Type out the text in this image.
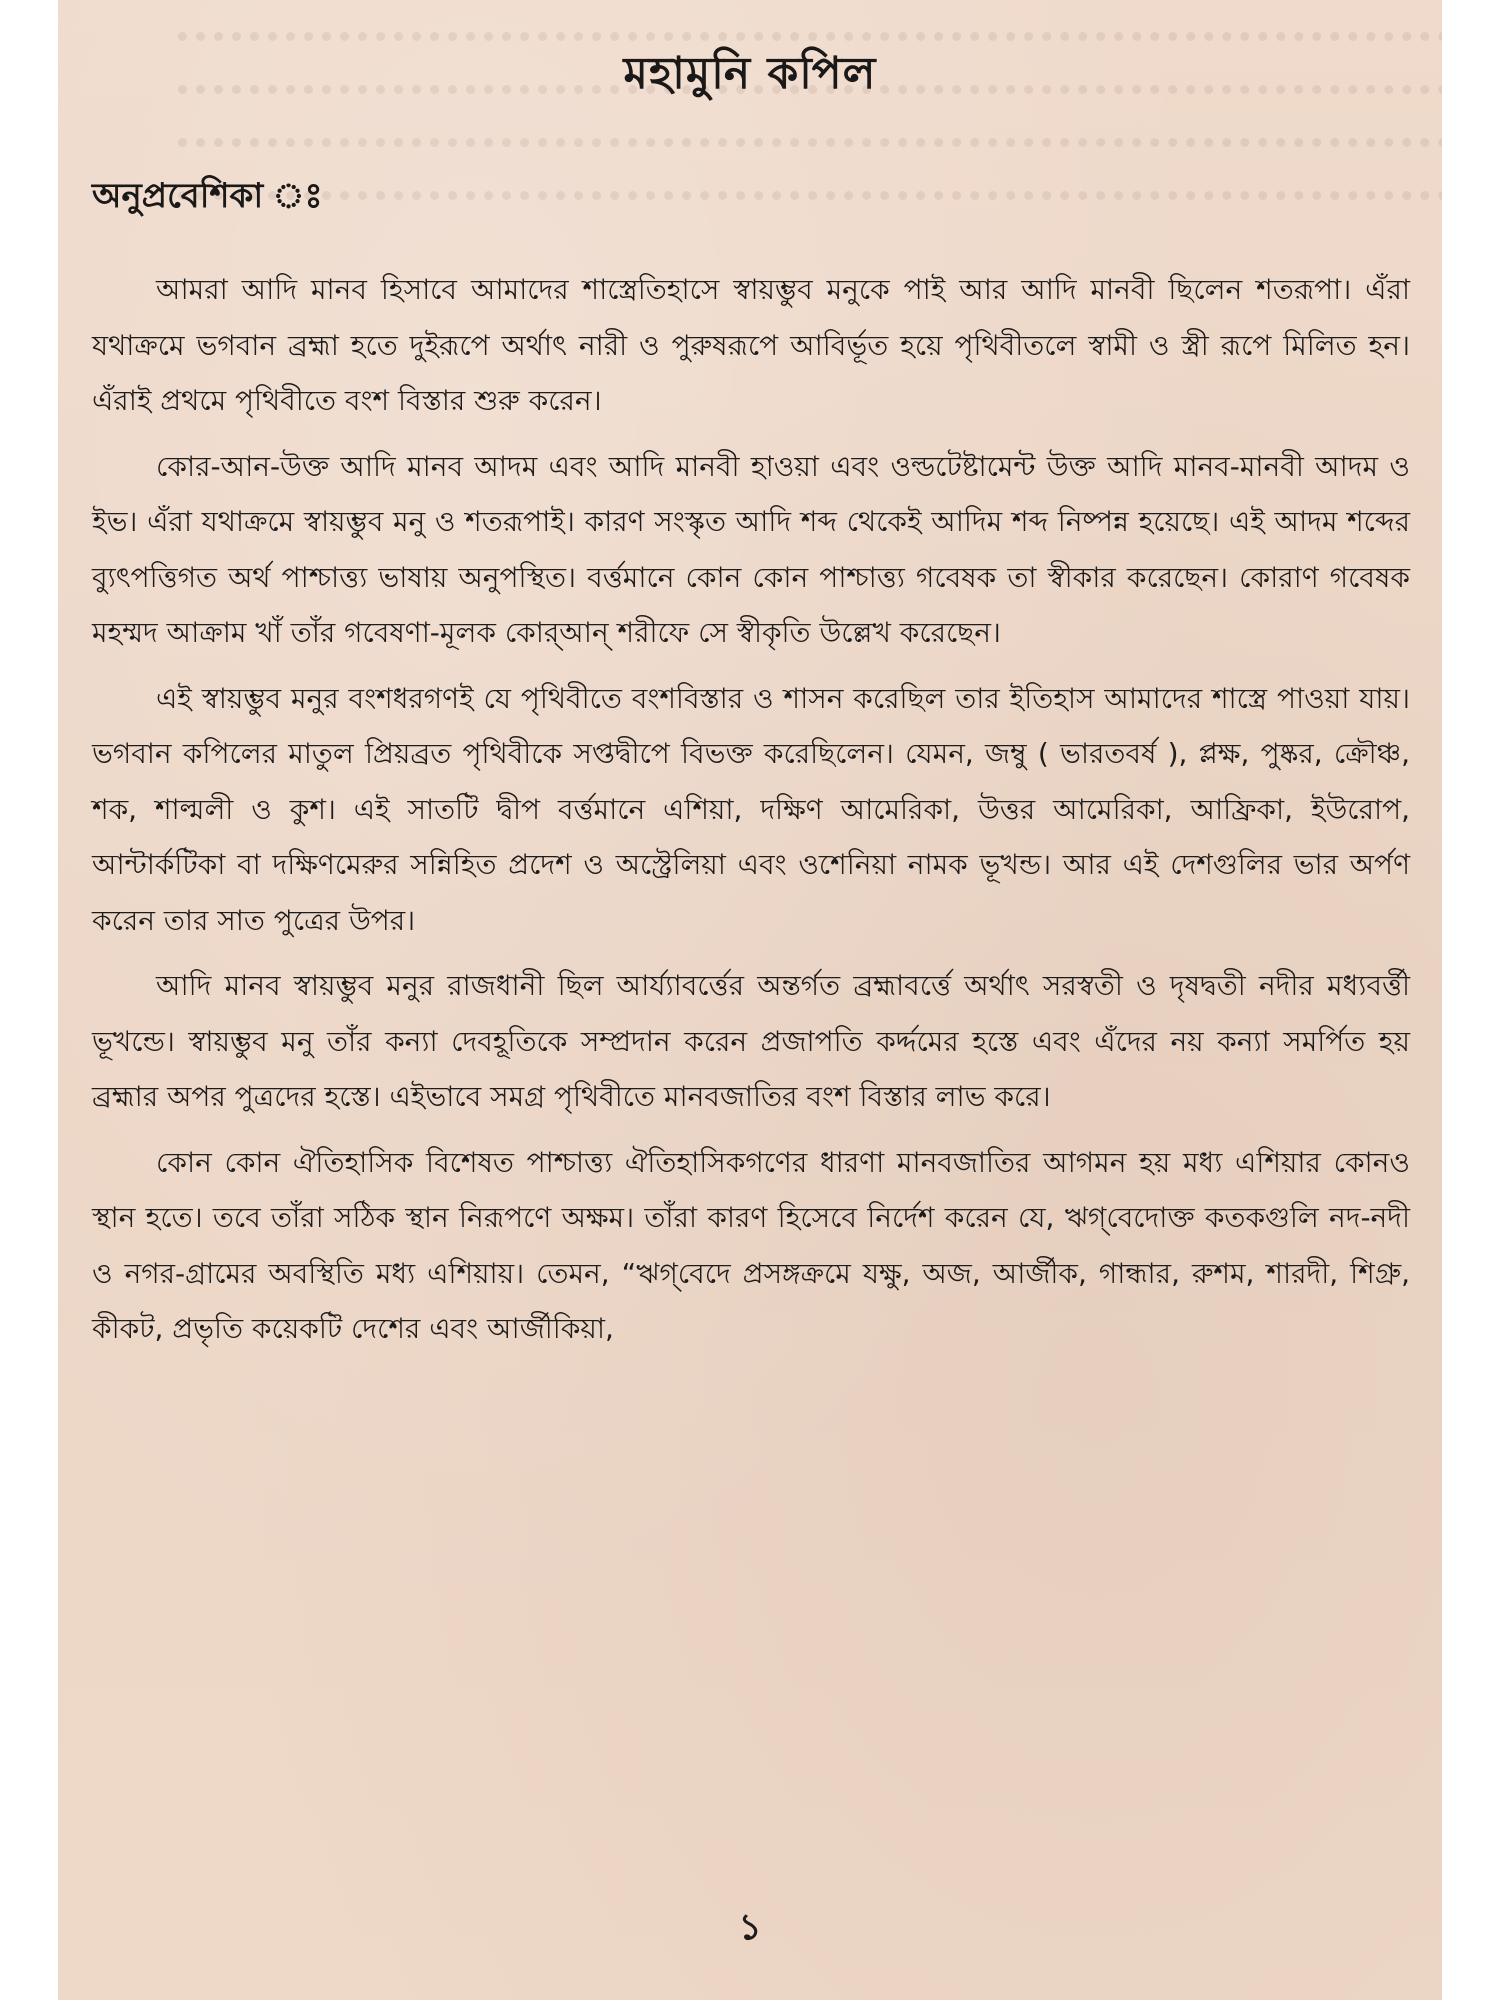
মহামুনি কপিল
অনুপ্রবেশিকা ঃ

আমরা আদি মানব হিসাবে আমাদের শাস্ত্রেতিহাসে স্বায়ম্ভুব মনুকে পাই আর আদি মানবী ছিলেন শতরূপা। এঁরা যথাক্রমে ভগবান ব্রহ্মা হতে দুইরূপে অর্থাৎ নারী ও পুরুষরূপে আবির্ভূত হয়ে পৃথিবীতলে স্বামী ও স্ত্রী রূপে মিলিত হন। এঁরাই প্রথমে পৃথিবীতে বংশ বিস্তার শুরু করেন।

কোর-আন-উক্ত আদি মানব আদম এবং আদি মানবী হাওয়া এবং ওল্ডটেষ্টামেন্ট উক্ত আদি মানব-মানবী আদম ও ইভ। এঁরা যথাক্রমে স্বায়ম্ভুব মনু ও শতরূপাই। কারণ সংস্কৃত আদি শব্দ থেকেই আদিম শব্দ নিষ্পন্ন হয়েছে। এই আদম শব্দের ব্যুৎপত্তিগত অর্থ পাশ্চাত্ত্য ভাষায় অনুপস্থিত। বর্ত্তমানে কোন কোন পাশ্চাত্ত্য গবেষক তা স্বীকার করেছেন। কোরাণ গবেষক মহম্মদ আক্রাম খাঁ তাঁর গবেষণা-মূলক কোর্‌আন্‌ শরীফে সে স্বীকৃতি উল্লেখ করেছেন।

এই স্বায়ম্ভুব মনুর বংশধরগণই যে পৃথিবীতে বংশবিস্তার ও শাসন করেছিল তার ইতিহাস আমাদের শাস্ত্রে পাওয়া যায়। ভগবান কপিলের মাতুল প্রিয়ব্রত পৃথিবীকে সপ্তদ্বীপে বিভক্ত করেছিলেন। যেমন, জম্বু ( ভারতবর্ষ ), প্লক্ষ, পুষ্কর, ক্রৌঞ্চ, শক, শাল্মলী ও কুশ। এই সাতটি দ্বীপ বর্ত্তমানে এশিয়া, দক্ষিণ আমেরিকা, উত্তর আমেরিকা, আফ্রিকা, ইউরোপ, আন্টার্কটিকা বা দক্ষিণমেরুর সন্নিহিত প্রদেশ ও অস্ট্রেলিয়া এবং ওশেনিয়া নামক ভূখন্ড। আর এই দেশগুলির ভার অর্পণ করেন তার সাত পুত্রের উপর।

আদি মানব স্বায়ম্ভুব মনুর রাজধানী ছিল আর্য্যাবর্ত্তের অন্তর্গত ব্রহ্মাবর্ত্তে অর্থাৎ সরস্বতী ও দৃষদ্বতী নদীর মধ্যবর্ত্তী ভূখন্ডে। স্বায়ম্ভুব মনু তাঁর কন্যা দেবহূতিকে সম্প্রদান করেন প্রজাপতি কর্দ্দমের হস্তে এবং এঁদের নয় কন্যা সমর্পিত হয় ব্রহ্মার অপর পুত্রদের হস্তে। এইভাবে সমগ্র পৃথিবীতে মানবজাতির বংশ বিস্তার লাভ করে।

কোন কোন ঐতিহাসিক বিশেষত পাশ্চাত্ত্য ঐতিহাসিকগণের ধারণা মানবজাতির আগমন হয় মধ্য এশিয়ার কোনও স্থান হতে। তবে তাঁরা সঠিক স্থান নিরূপণে অক্ষম। তাঁরা কারণ হিসেবে নির্দেশ করেন যে, ঋগ্‌বেদোক্ত কতকগুলি নদ-নদী ও নগর-গ্রামের অবস্থিতি মধ্য এশিয়ায়। তেমন, “ঋগ্‌বেদে প্রসঙ্গক্রমে যক্ষু, অজ, আর্জীক, গান্ধার, রুশম, শারদী, শিগ্রু, কীকট, প্রভৃতি কয়েকটি দেশের এবং আর্জীকিয়া,

১
